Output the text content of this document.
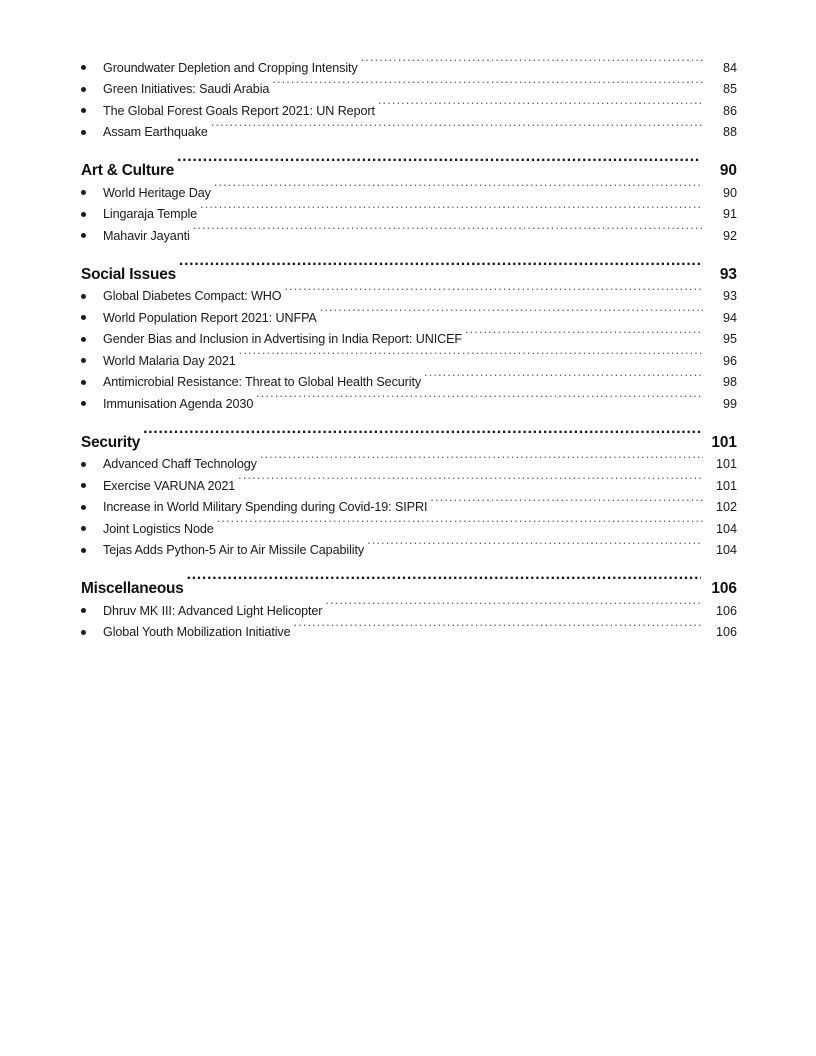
Groundwater Depletion and Cropping Intensity .....	84
Green Initiatives: Saudi Arabia .....	85
The Global Forest Goals Report 2021: UN Report .....	86
Assam Earthquake .....	88
Art & Culture .....	90
World Heritage Day .....	90
Lingaraja Temple .....	91
Mahavir Jayanti .....	92
Social Issues .....	93
Global Diabetes Compact: WHO .....	93
World Population Report 2021: UNFPA .....	94
Gender Bias and Inclusion in Advertising in India Report: UNICEF .....	95
World Malaria Day 2021 .....	96
Antimicrobial Resistance: Threat to Global Health Security .....	98
Immunisation Agenda 2030 .....	99
Security .....	101
Advanced Chaff Technology .....	101
Exercise VARUNA 2021 .....	101
Increase in World Military Spending during Covid-19: SIPRI .....	102
Joint Logistics Node .....	104
Tejas Adds Python-5 Air to Air Missile Capability .....	104
Miscellaneous .....	106
Dhruv MK III: Advanced Light Helicopter .....	106
Global Youth Mobilization Initiative .....	106
